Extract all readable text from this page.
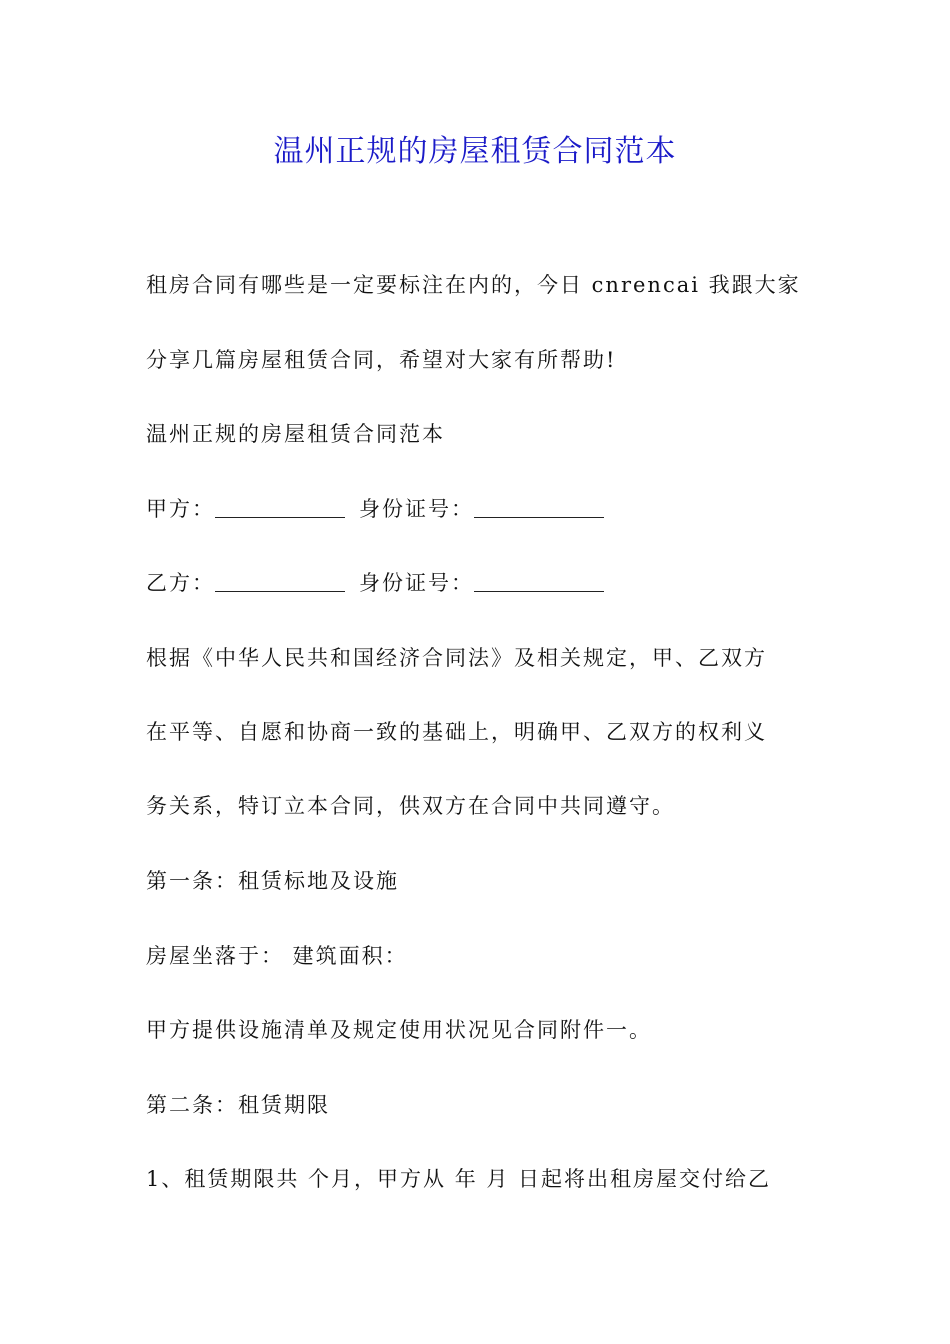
温州正规的房屋租赁合同范本

租房合同有哪些是一定要标注在内的，今日 cnrencai 我跟大家

分享几篇房屋租赁合同，希望对大家有所帮助!

温州正规的房屋租赁合同范本

甲方：	身份证号：

乙方：	身份证号：

根据《中华人民共和国经济合同法》及相关规定，甲、乙双方

在平等、自愿和协商一致的基础上，明确甲、乙双方的权利义

务关系，特订立本合同，供双方在合同中共同遵守。

第一条：租赁标地及设施

房屋坐落于： 建筑面积：

甲方提供设施清单及规定使用状况见合同附件一。

第二条：租赁期限

1、租赁期限共 个月，甲方从 年 月 日起将出租房屋交付给乙
